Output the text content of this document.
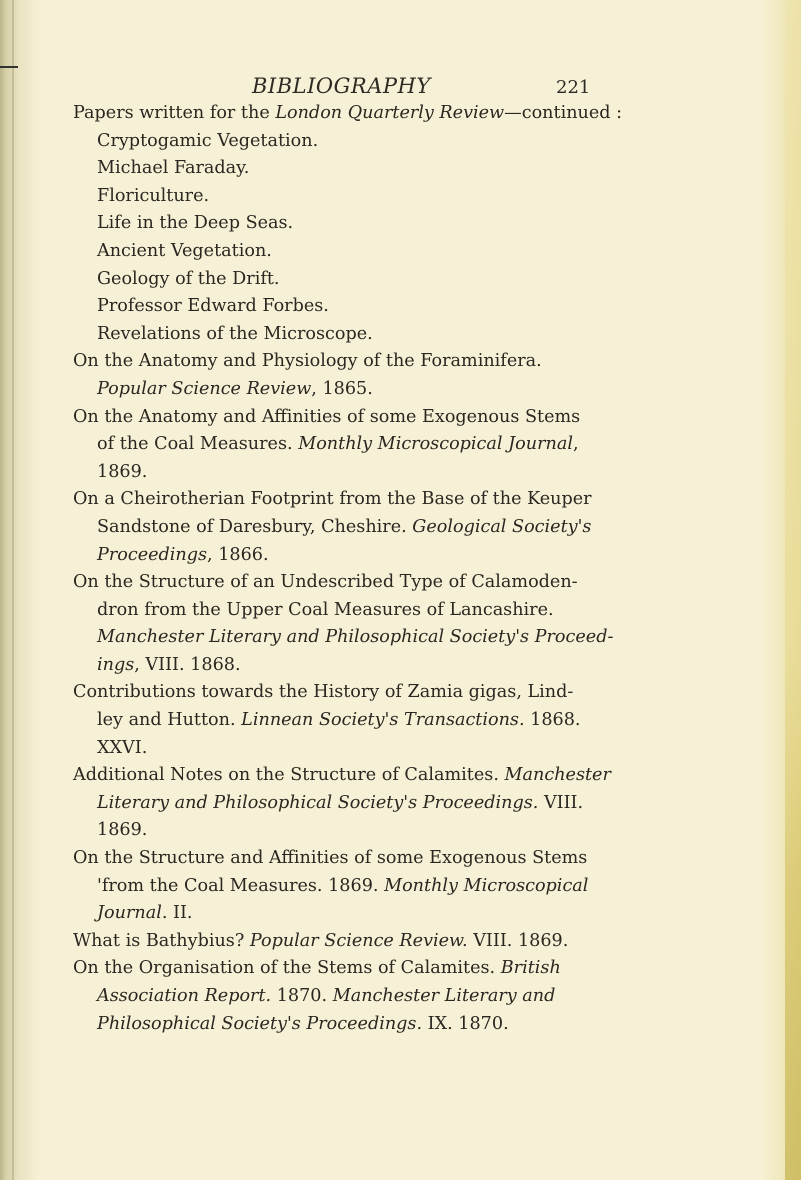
BIBLIOGRAPHY	221
Papers written for the London Quarterly Review—continued :
Cryptogamic Vegetation.
Michael Faraday.
Floriculture.
Life in the Deep Seas.
Ancient Vegetation.
Geology of the Drift.
Professor Edward Forbes.
Revelations of the Microscope.
On the Anatomy and Physiology of the Foraminifera.
Popular Science Review, 1865.
On the Anatomy and Affinities of some Exogenous Stems
of the Coal Measures. Monthly Microscopical Journal,
1869.
On a Cheirotherian Footprint from the Base of the Keuper
Sandstone of Daresbury, Cheshire. Geological Society's
Proceedings, 1866.
On the Structure of an Undescribed Type of Calamoden-
dron from the Upper Coal Measures of Lancashire.
Manchester Literary and Philosophical Society's Proceed-
ings, VIII. 1868.
Contributions towards the History of Zamia gigas, Lind-
ley and Hutton. Linnean Society's Transactions. 1868.
XXVI.
Additional Notes on the Structure of Calamites. Manchester
Literary and Philosophical Society's Proceedings. VIII.
1869.
On the Structure and Affinities of some Exogenous Stems
'from the Coal Measures. 1869. Monthly Microscopical
Journal. II.
What is Bathybius? Popular Science Review. VIII. 1869.
On the Organisation of the Stems of Calamites. British
Association Report. 1870. Manchester Literary and
Philosophical Society's Proceedings. IX. 1870.
